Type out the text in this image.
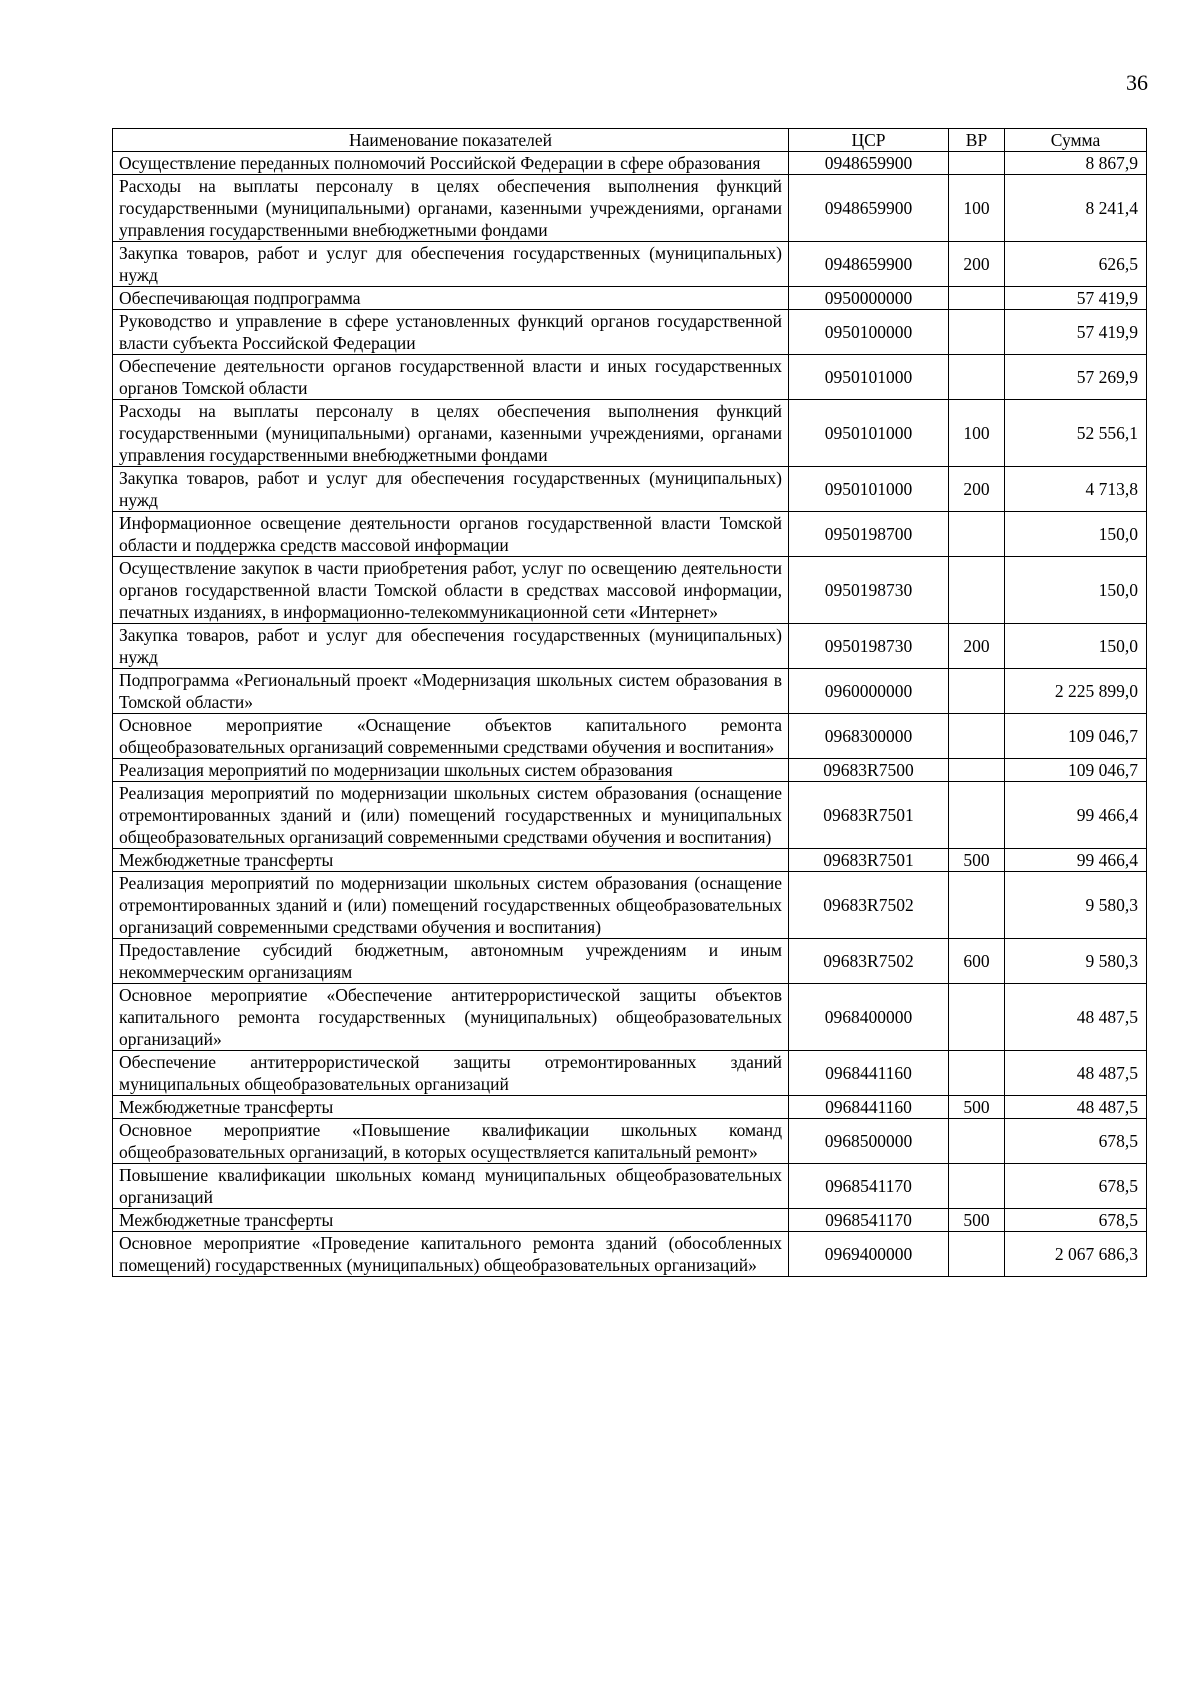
36
Наименование показателей	ЦСР	ВР	Сумма
Осуществление переданных полномочий Российской Федерации в сфере образования	0948659900		8 867,9
Расходы на выплаты персоналу в целях обеспечения выполнения функций государственными (муниципальными) органами, казенными учреждениями, органами управления государственными внебюджетными фондами	0948659900	100	8 241,4
Закупка товаров, работ и услуг для обеспечения государственных (муниципальных) нужд	0948659900	200	626,5
Обеспечивающая подпрограмма	0950000000		57 419,9
Руководство и управление в сфере установленных функций органов государственной власти субъекта Российской Федерации	0950100000		57 419,9
Обеспечение деятельности органов государственной власти и иных государственных органов Томской области	0950101000		57 269,9
Расходы на выплаты персоналу в целях обеспечения выполнения функций государственными (муниципальными) органами, казенными учреждениями, органами управления государственными внебюджетными фондами	0950101000	100	52 556,1
Закупка товаров, работ и услуг для обеспечения государственных (муниципальных) нужд	0950101000	200	4 713,8
Информационное освещение деятельности органов государственной власти Томской области и поддержка средств массовой информации	0950198700		150,0
Осуществление закупок в части приобретения работ, услуг по освещению деятельности органов государственной власти Томской области в средствах массовой информации, печатных изданиях, в информационно-телекоммуникационной сети «Интернет»	0950198730		150,0
Закупка товаров, работ и услуг для обеспечения государственных (муниципальных) нужд	0950198730	200	150,0
Подпрограмма «Региональный проект «Модернизация школьных систем образования в Томской области»	0960000000		2 225 899,0
Основное мероприятие «Оснащение объектов капитального ремонта общеобразовательных организаций современными средствами обучения и воспитания»	0968300000		109 046,7
Реализация мероприятий по модернизации школьных систем образования	09683R7500		109 046,7
Реализация мероприятий по модернизации школьных систем образования (оснащение отремонтированных зданий и (или) помещений государственных и муниципальных общеобразовательных организаций современными средствами обучения и воспитания)	09683R7501		99 466,4
Межбюджетные трансферты	09683R7501	500	99 466,4
Реализация мероприятий по модернизации школьных систем образования (оснащение отремонтированных зданий и (или) помещений государственных общеобразовательных организаций современными средствами обучения и воспитания)	09683R7502		9 580,3
Предоставление субсидий бюджетным, автономным учреждениям и иным некоммерческим организациям	09683R7502	600	9 580,3
Основное мероприятие «Обеспечение антитеррористической защиты объектов капитального ремонта государственных (муниципальных) общеобразовательных организаций»	0968400000		48 487,5
Обеспечение антитеррористической защиты отремонтированных зданий муниципальных общеобразовательных организаций	0968441160		48 487,5
Межбюджетные трансферты	0968441160	500	48 487,5
Основное мероприятие «Повышение квалификации школьных команд общеобразовательных организаций, в которых осуществляется капитальный ремонт»	0968500000		678,5
Повышение квалификации школьных команд муниципальных общеобразовательных организаций	0968541170		678,5
Межбюджетные трансферты	0968541170	500	678,5
Основное мероприятие «Проведение капитального ремонта зданий (обособленных помещений) государственных (муниципальных) общеобразовательных организаций»	0969400000		2 067 686,3
